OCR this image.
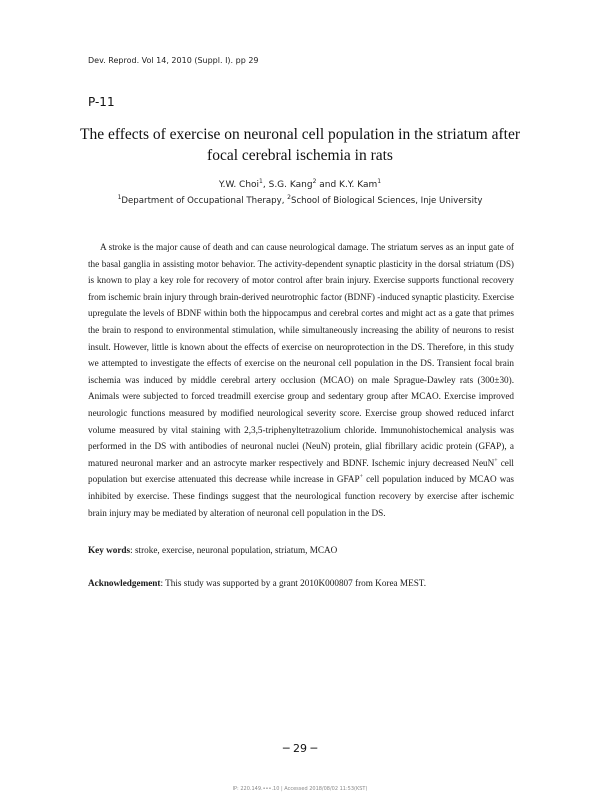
Dev. Reprod. Vol 14, 2010 (Suppl. I). pp 29
P-11
The effects of exercise on neuronal cell population in the striatum after
focal cerebral ischemia in rats
Y.W. Choi$^1$, S.G. Kang$^2$ and K.Y. Kam$^1$
$^1$Department of Occupational Therapy, $^2$School of Biological Sciences, Inje University

A stroke is the major cause of death and can cause neurological damage. The striatum serves as an input gate of the basal ganglia in assisting motor behavior. The activity-dependent synaptic plasticity in the dorsal striatum (DS) is known to play a key role for recovery of motor control after brain injury. Exercise supports functional recovery from ischemic brain injury through brain-derived neurotrophic factor (BDNF) -induced synaptic plasticity. Exercise upregulate the levels of BDNF within both the hippocampus and cerebral cortes and might act as a gate that primes the brain to respond to environmental stimulation, while simultaneously increasing the ability of neurons to resist insult. However, little is known about the effects of exercise on neuroprotection in the DS. Therefore, in this study we attempted to investigate the effects of exercise on the neuronal cell population in the DS. Transient focal brain ischemia was induced by middle cerebral artery occlusion (MCAO) on male Sprague-Dawley rats (300±30). Animals were subjected to forced treadmill exercise group and sedentary group after MCAO. Exercise improved neurologic functions measured by modified neurological severity score. Exercise group showed reduced infarct volume measured by vital staining with 2,3,5-triphenyltetrazolium chloride. Immunohistochemical analysis was performed in the DS with antibodies of neuronal nuclei (NeuN) protein, glial fibrillary acidic protein (GFAP), a matured neuronal marker and an astrocyte marker respectively and BDNF. Ischemic injury decreased NeuN+ cell population but exercise attenuated this decrease while increase in GFAP+ cell population induced by MCAO was inhibited by exercise. These findings suggest that the neurological function recovery by exercise after ischemic brain injury may be mediated by alteration of neuronal cell population in the DS.

Key words: stroke, exercise, neuronal population, striatum, MCAO
Acknowledgement: This study was supported by a grant 2010K000807 from Korea MEST.
─ 29 ─
IP: 220.149.•••.10 | Accessed 2018/08/02 11:53(KST)
